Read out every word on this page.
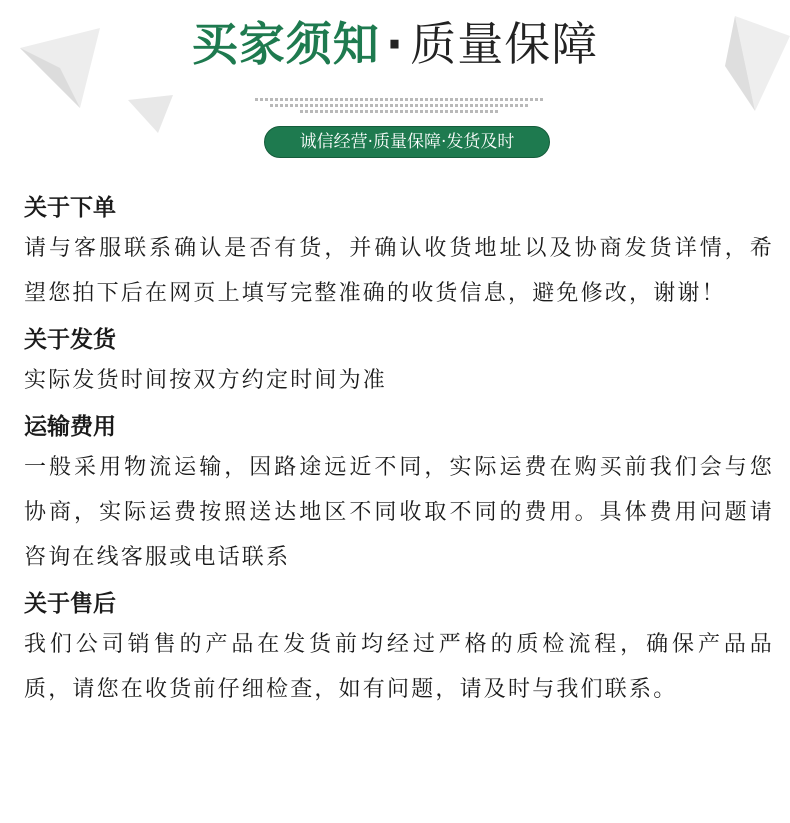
买家须知 · 质量保障
诚信经营·质量保障·发货及时

关于下单

请与客服联系确认是否有货，并确认收货地址以及协商发货详情，希望您拍下后在网页上填写完整准确的收货信息，避免修改，谢谢！

关于发货

实际发货时间按双方约定时间为准

运输费用

一般采用物流运输，因路途远近不同，实际运费在购买前我们会与您协商，实际运费按照送达地区不同收取不同的费用。具体费用问题请咨询在线客服或电话联系

关于售后

我们公司销售的产品在发货前均经过严格的质检流程，确保产品品质，请您在收货前仔细检查，如有问题，请及时与我们联系。
